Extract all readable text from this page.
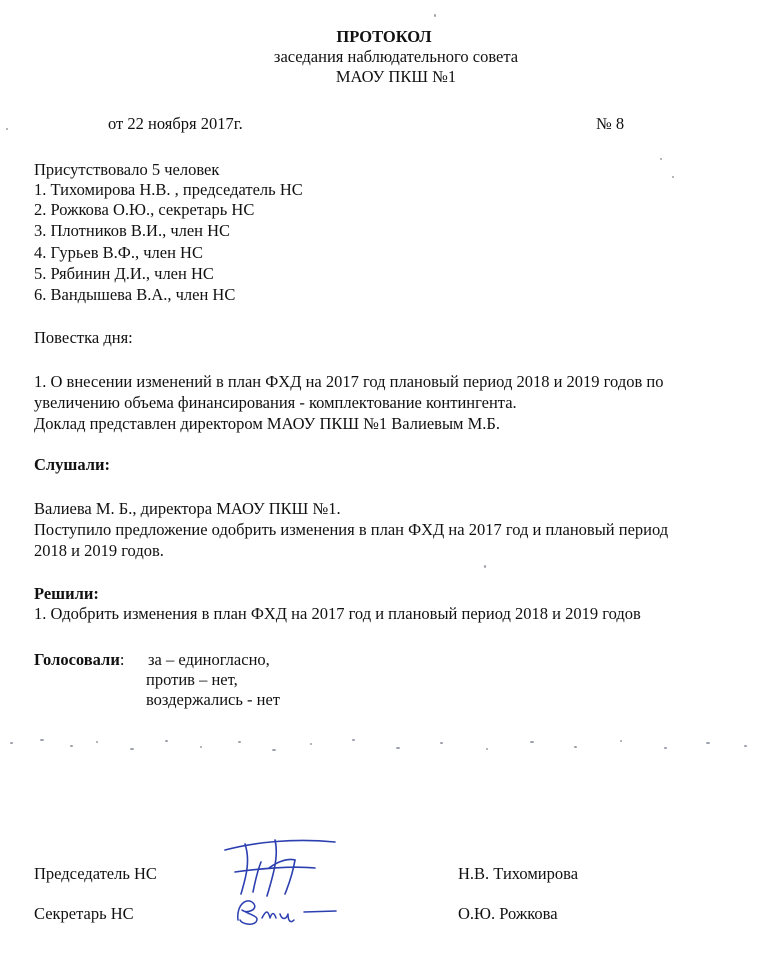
ПРОТОКОЛ
заседания наблюдательного совета
МАОУ ПКШ №1
от 22 ноября 2017г.	№ 8
Присутствовало 5 человек
1. Тихомирова Н.В. , председатель НС
2. Рожкова О.Ю., секретарь НС
3. Плотников В.И., член НС
4. Гурьев В.Ф., член НС
5. Рябинин Д.И., член НС
6. Вандышева В.А., член НС
Повестка дня:
1. О внесении изменений в план ФХД на 2017 год плановый период 2018 и 2019 годов по
увеличению объема финансирования - комплектование контингента.
Доклад представлен директором МАОУ ПКШ №1 Валиевым М.Б.
Слушали:
Валиева М. Б., директора МАОУ ПКШ №1.
Поступило предложение одобрить изменения в план ФХД на 2017 год и плановый период
2018 и 2019 годов.
Решили:
1. Одобрить изменения в план ФХД на 2017 год и плановый период 2018 и 2019 годов
Голосовали: за – единогласно,
против – нет,
воздержались - нет
Председатель НС	Н.В. Тихомирова
Секретарь НС	О.Ю. Рожкова
